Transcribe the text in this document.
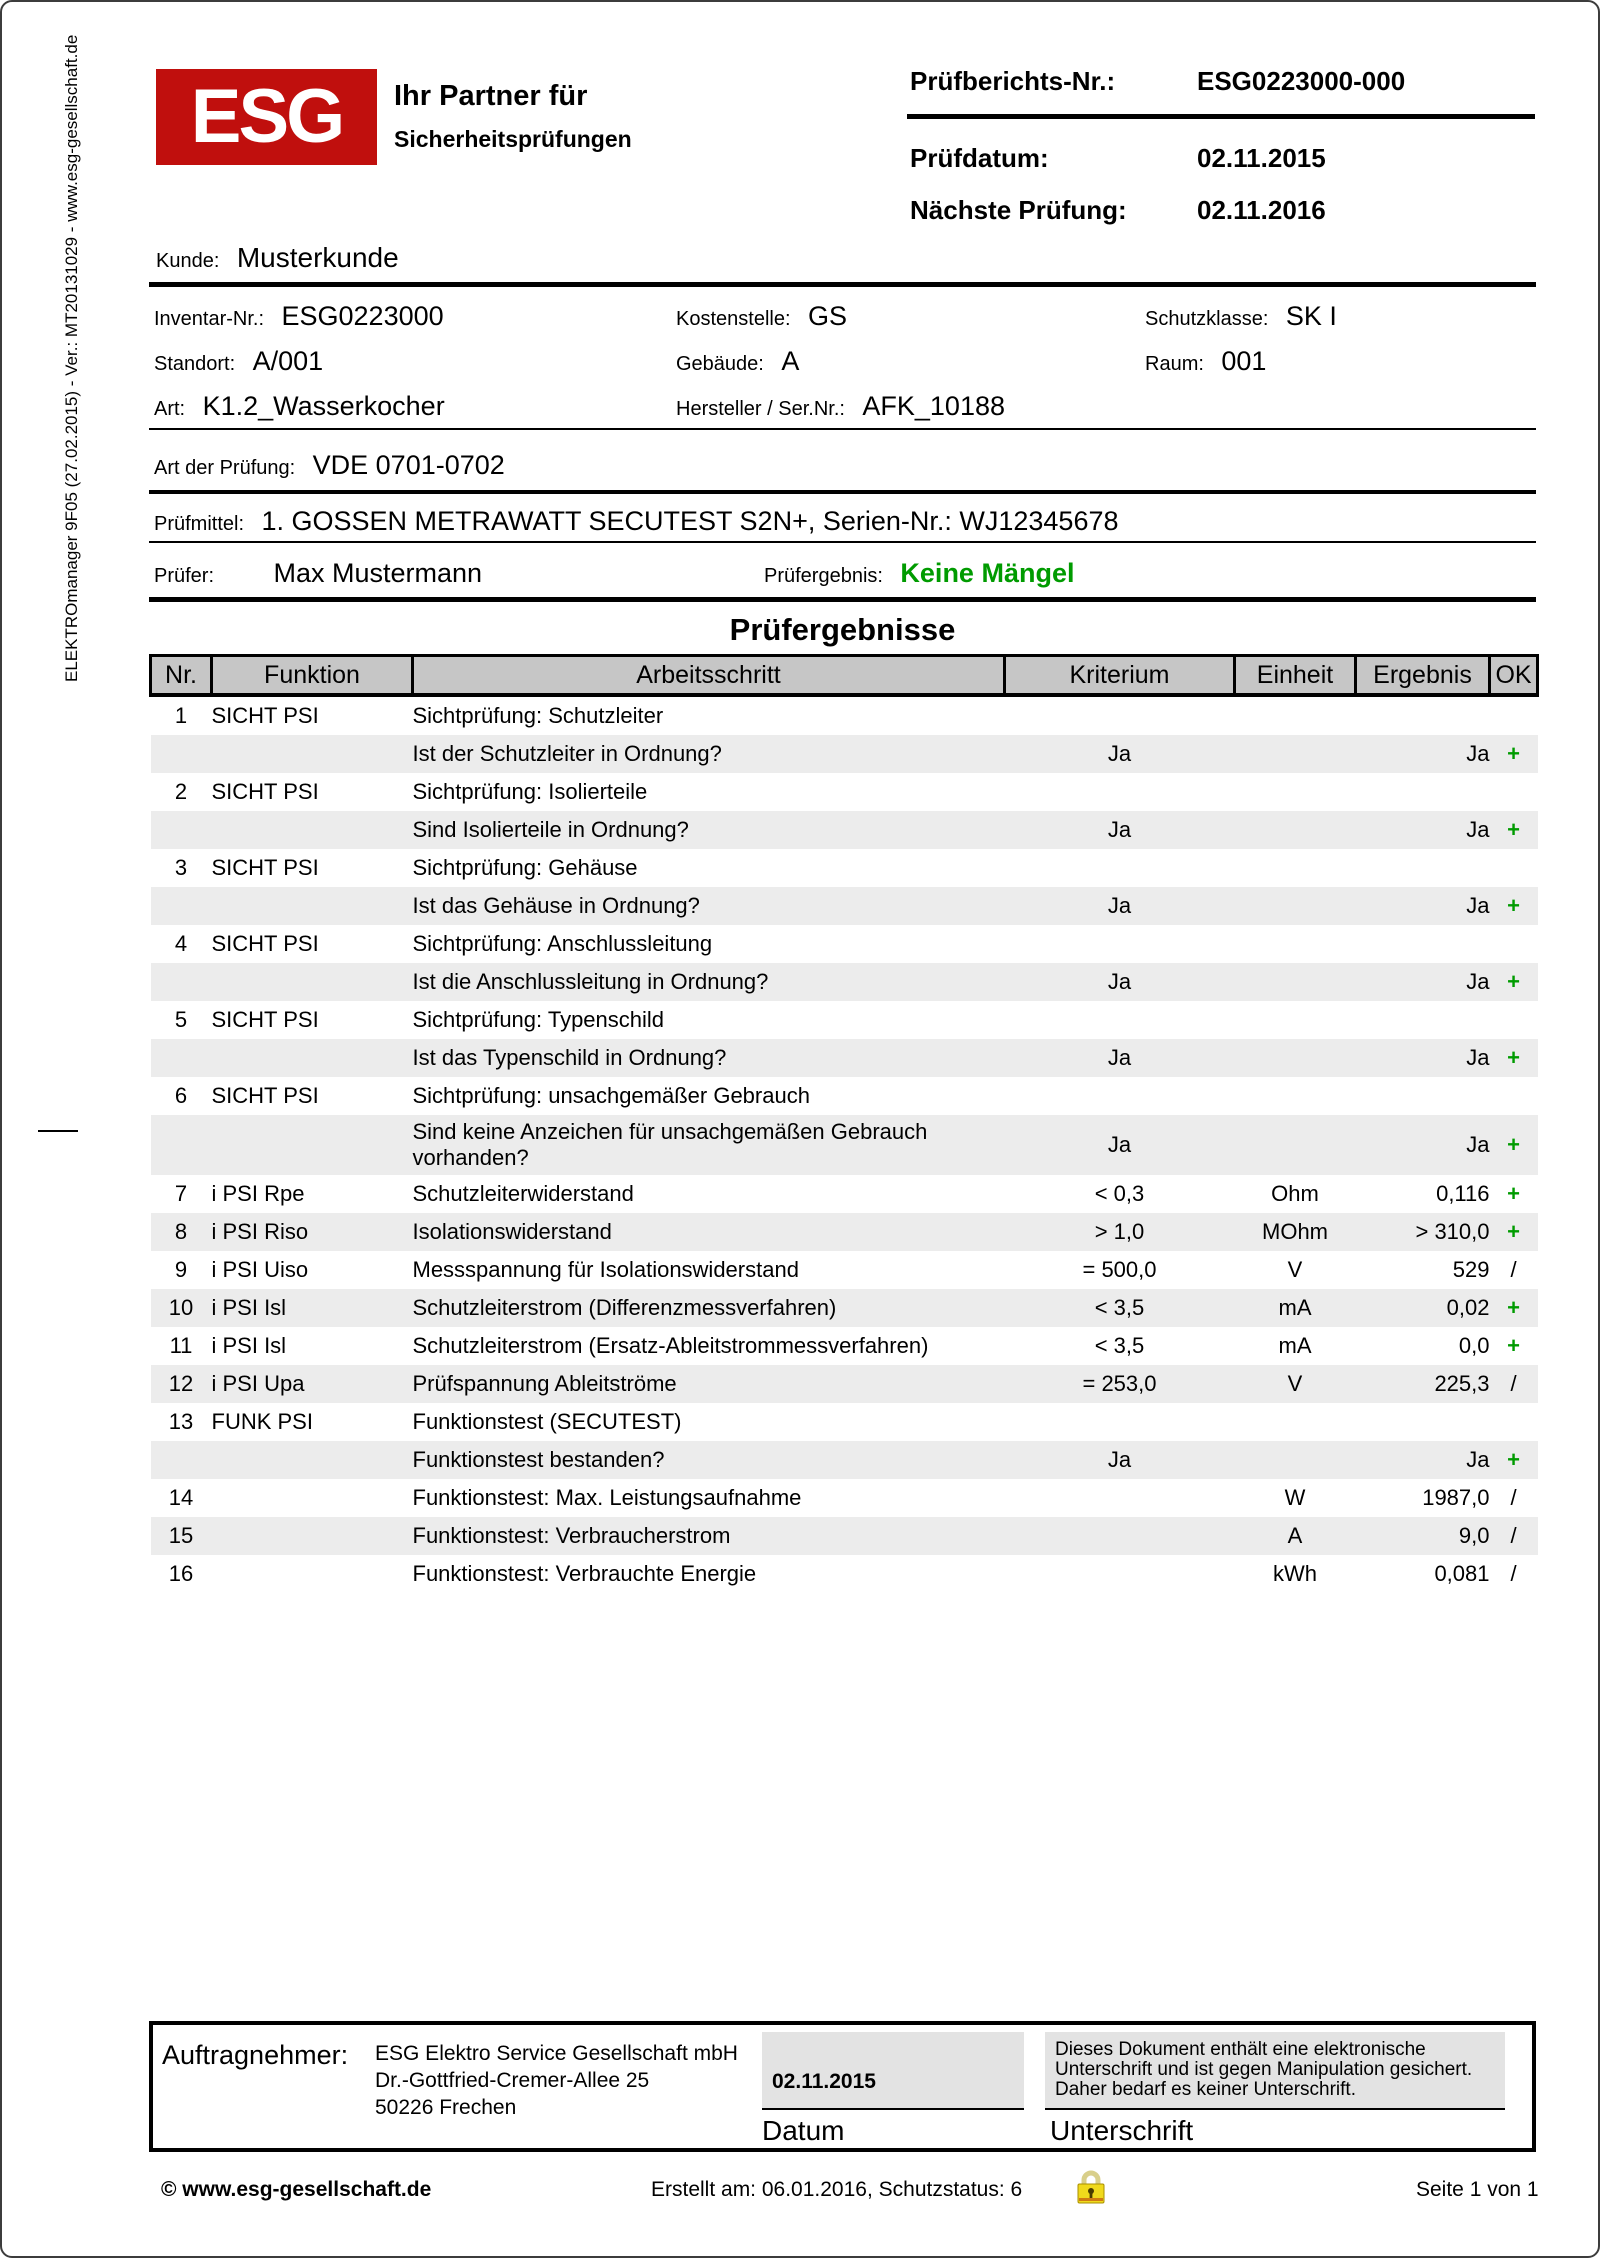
ELEKTROmanager 9F05 (27.02.2015) - Ver.: MT20131029 - www.esg-gesellschaft.de ESG Ihr Partner für
Sicherheitsprüfungen
Prüfberichts-Nr.:	ESG0223000-000
Prüfdatum:	02.11.2015
Nächste Prüfung:	02.11.2016
Kunde: Musterkunde
Inventar-Nr.: ESG0223000	Kostenstelle: GS	Schutzklasse: SK I
Standort: A/001	Gebäude: A	Raum: 001
Art: K1.2_Wasserkocher	Hersteller / Ser.Nr.: AFK_10188
Art der Prüfung: VDE 0701-0702
Prüfmittel: 1. GOSSEN METRAWATT SECUTEST S2N+, Serien-Nr.: WJ12345678
Prüfer: Max Mustermann	Prüfergebnis: Keine Mängel
Prüfergebnisse
Nr.	Funktion	Arbeitsschritt	Kriterium	Einheit	Ergebnis	OK
1	SICHT PSI	Sichtprüfung: Schutzleiter				
		Ist der Schutzleiter in Ordnung?	Ja		Ja	+
2	SICHT PSI	Sichtprüfung: Isolierteile				
		Sind Isolierteile in Ordnung?	Ja		Ja	+
3	SICHT PSI	Sichtprüfung: Gehäuse				
		Ist das Gehäuse in Ordnung?	Ja		Ja	+
4	SICHT PSI	Sichtprüfung: Anschlussleitung				
		Ist die Anschlussleitung in Ordnung?	Ja		Ja	+
5	SICHT PSI	Sichtprüfung: Typenschild				
		Ist das Typenschild in Ordnung?	Ja		Ja	+
6	SICHT PSI	Sichtprüfung: unsachgemäßer Gebrauch				
		Sind keine Anzeichen für unsachgemäßen Gebrauch vorhanden?	Ja		Ja	+
7	i PSI Rpe	Schutzleiterwiderstand	< 0,3	Ohm	0,116	+
8	i PSI Riso	Isolationswiderstand	> 1,0	MOhm	> 310,0	+
9	i PSI Uiso	Messspannung für Isolationswiderstand	= 500,0	V	529	/
10	i PSI Isl	Schutzleiterstrom (Differenzmessverfahren)	< 3,5	mA	0,02	+
11	i PSI Isl	Schutzleiterstrom (Ersatz-Ableitstrommessverfahren)	< 3,5	mA	0,0	+
12	i PSI Upa	Prüfspannung Ableitströme	= 253,0	V	225,3	/
13	FUNK PSI	Funktionstest (SECUTEST)				
		Funktionstest bestanden?	Ja		Ja	+
14		Funktionstest: Max. Leistungsaufnahme		W	1987,0	/
15		Funktionstest: Verbraucherstrom		A	9,0	/
16		Funktionstest: Verbrauchte Energie		kWh	0,081	/
Auftragnehmer: ESG Elektro Service Gesellschaft mbH
Dr.-Gottfried-Cremer-Allee 25
50226 Frechen
02.11.2015
Datum
Dieses Dokument enthält eine elektronische
Unterschrift und ist gegen Manipulation gesichert.
Daher bedarf es keiner Unterschrift.
Unterschrift
© www.esg-gesellschaft.de	Erstellt am: 06.01.2016, Schutzstatus: 6	Seite 1 von 1
